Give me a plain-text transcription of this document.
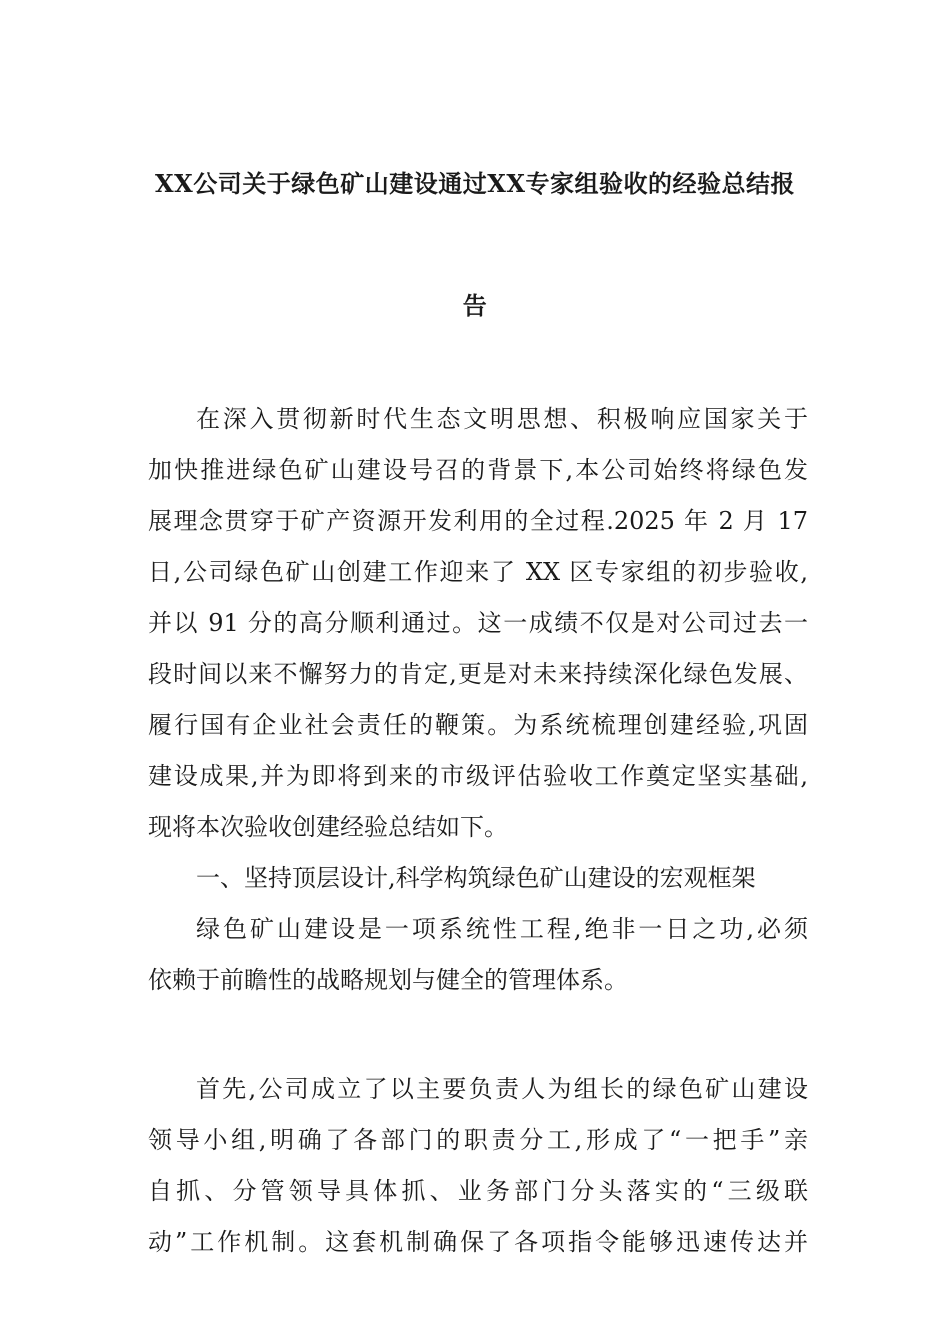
XX公司关于绿色矿山建设通过XX专家组验收的经验总结报
告
在深入贯彻新时代生态文明思想、积极响应国家关于
加快推进绿色矿山建设号召的背景下,本公司始终将绿色发
展理念贯穿于矿产资源开发利用的全过程.2025 年 2 月 17
日,公司绿色矿山创建工作迎来了 XX 区专家组的初步验收,
并以 91 分的高分顺利通过。这一成绩不仅是对公司过去一
段时间以来不懈努力的肯定,更是对未来持续深化绿色发展、
履行国有企业社会责任的鞭策。为系统梳理创建经验,巩固
建设成果,并为即将到来的市级评估验收工作奠定坚实基础,
现将本次验收创建经验总结如下。
一、坚持顶层设计,科学构筑绿色矿山建设的宏观框架
绿色矿山建设是一项系统性工程,绝非一日之功,必须
依赖于前瞻性的战略规划与健全的管理体系。
首先,公司成立了以主要负责人为组长的绿色矿山建设
领导小组,明确了各部门的职责分工,形成了“一把手”亲
自抓、分管领导具体抓、业务部门分头落实的“三级联
动”工作机制。这套机制确保了各项指令能够迅速传达并
